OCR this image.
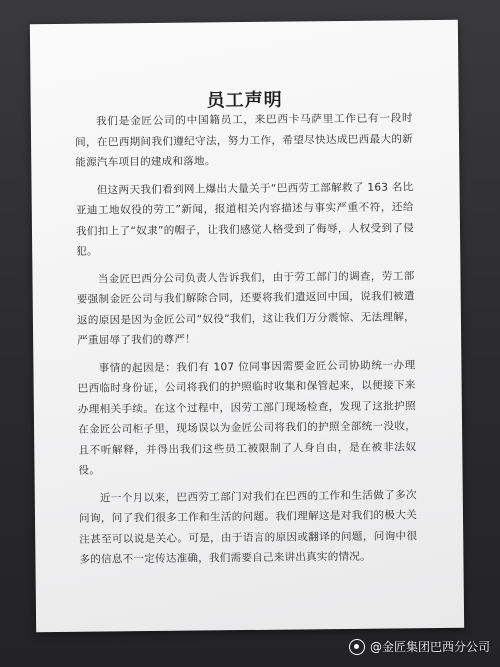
员工声明

我们是金匠公司的中国籍员工，来巴西卡马萨里工作已有一段时间，在巴西期间我们遵纪守法，努力工作，希望尽快达成巴西最大的新能源汽车项目的建成和落地。

但这两天我们看到网上爆出大量关于“巴西劳工部解救了 163 名比亚迪工地奴役的劳工”新闻，报道相关内容描述与事实严重不符，还给我们扣上了“奴隶”的帽子，让我们感觉人格受到了侮辱，人权受到了侵犯。

当金匠巴西分公司负责人告诉我们，由于劳工部门的调查，劳工部要强制金匠公司与我们解除合同，还要将我们遣返回中国，说我们被遣返的原因是因为金匠公司“奴役”我们，这让我们万分震惊、无法理解，严重屈辱了我们的尊严！

事情的起因是：我们有 107 位同事因需要金匠公司协助统一办理巴西临时身份证，公司将我们的护照临时收集和保管起来，以便接下来办理相关手续。在这个过程中，因劳工部门现场检查，发现了这批护照在金匠公司柜子里，现场误以为金匠公司将我们的护照全部统一没收，且不听解释，并得出我们这些员工被限制了人身自由，是在被非法奴役。

近一个月以来，巴西劳工部门对我们在巴西的工作和生活做了多次问询，问了我们很多工作和生活的问题。我们理解这是对我们的极大关注甚至可以说是关心。可是，由于语言的原因或翻译的问题，问询中很多的信息不一定传达准确，我们需要自己来讲出真实的情况。

@金匠集团巴西分公司
